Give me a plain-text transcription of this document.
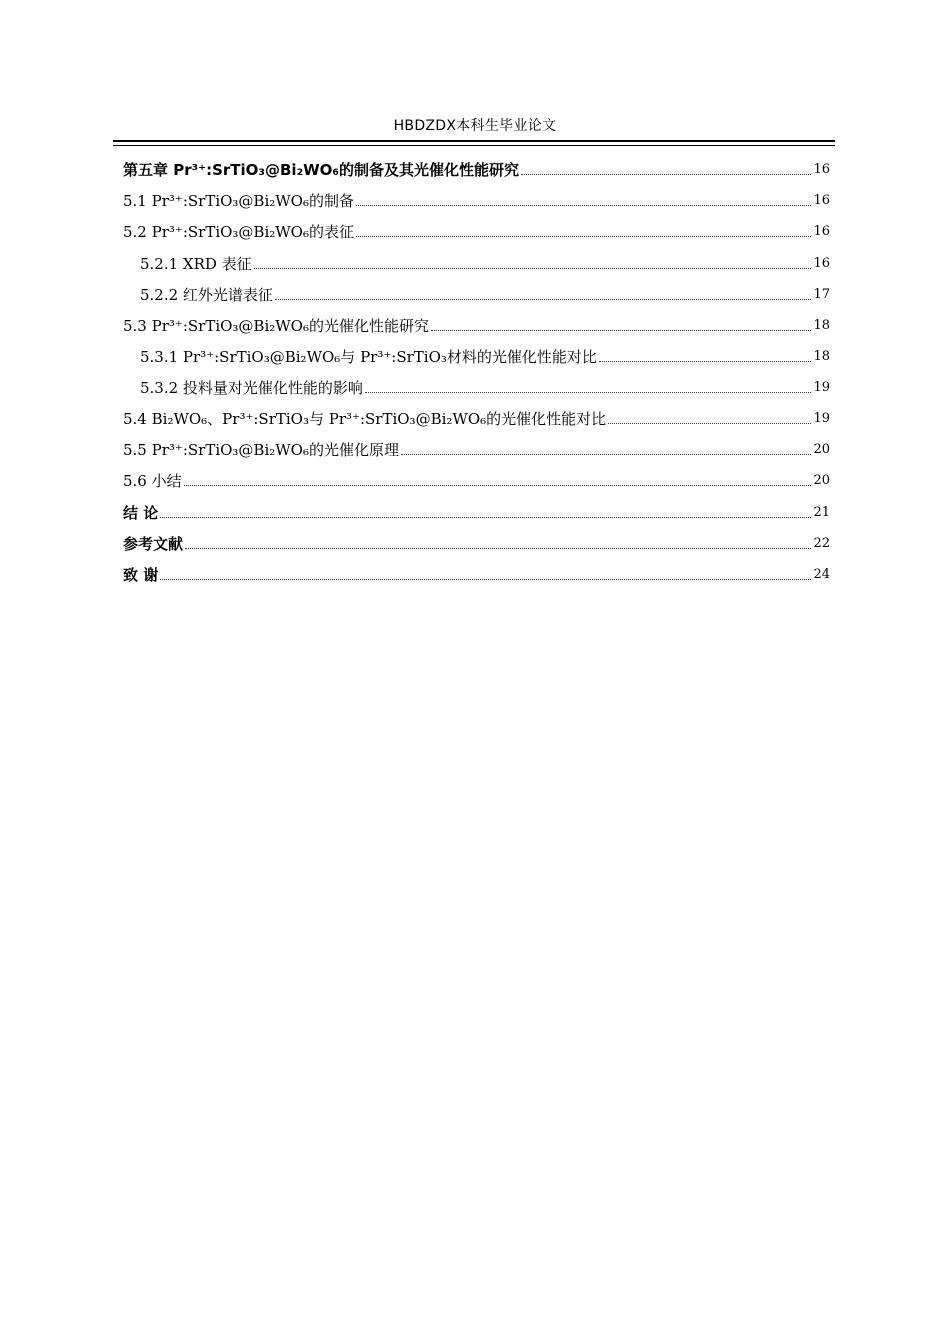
HBDZDX本科生毕业论文
第五章 Pr³⁺:SrTiO₃@Bi₂WO₆的制备及其光催化性能研究	16
5.1 Pr³⁺:SrTiO₃@Bi₂WO₆的制备	16
5.2 Pr³⁺:SrTiO₃@Bi₂WO₆的表征	16
5.2.1 XRD 表征	16
5.2.2 红外光谱表征	17
5.3 Pr³⁺:SrTiO₃@Bi₂WO₆的光催化性能研究	18
5.3.1 Pr³⁺:SrTiO₃@Bi₂WO₆与 Pr³⁺:SrTiO₃材料的光催化性能对比	18
5.3.2 投料量对光催化性能的影响	19
5.4 Bi₂WO₆、Pr³⁺:SrTiO₃与 Pr³⁺:SrTiO₃@Bi₂WO₆的光催化性能对比	19
5.5 Pr³⁺:SrTiO₃@Bi₂WO₆的光催化原理	20
5.6 小结	20
结 论	21
参考文献	22
致 谢	24
